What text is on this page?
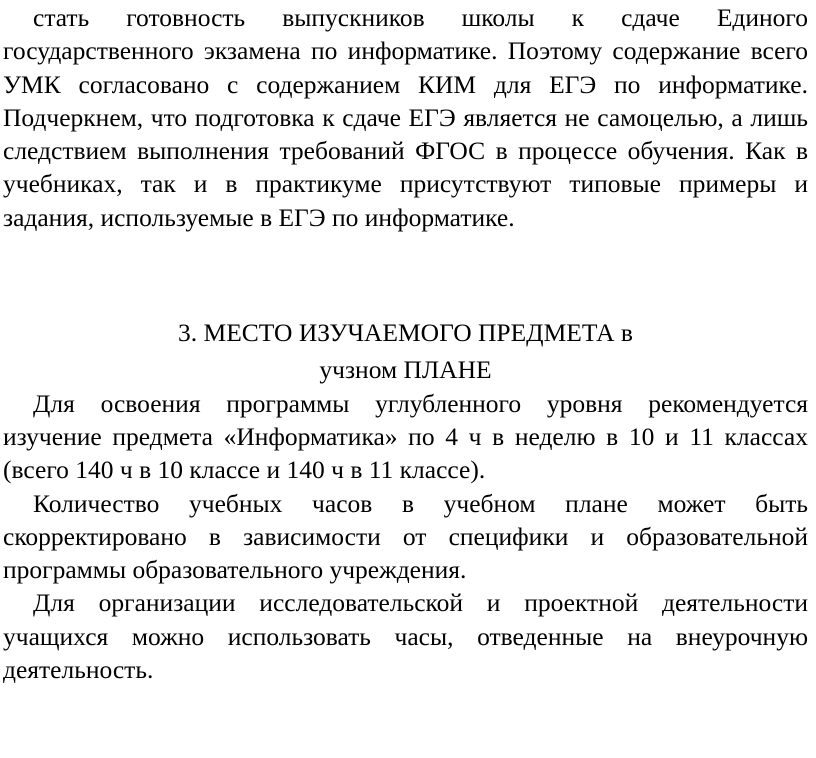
стать готовность выпускников школы к сдаче Единого государственного экзамена по информатике. Поэтому содержание всего УМК согласовано с содержанием КИМ для ЕГЭ по информатике. Подчеркнем, что подготовка к сдаче ЕГЭ является не самоцелью, а лишь следствием выполнения требований ФГОС в процессе обучения. Как в учебниках, так и в практикуме присутствуют типовые примеры и задания, используемые в ЕГЭ по информатике.

3. МЕСТО ИЗУЧАЕМОГО ПРЕДМЕТА в

учзном ПЛАНЕ

Для освоения программы углубленного уровня рекомендуется изучение предмета «Информатика» по 4 ч в неделю в 10 и 11 классах (всего 140 ч в 10 классе и 140 ч в 11 классе).

Количество учебных часов в учебном плане может быть скорректировано в зависимости от специфики и образовательной программы образовательного учреждения.

Для организации исследовательской и проектной деятельности учащихся можно использовать часы, отведенные на внеурочную деятельность.
